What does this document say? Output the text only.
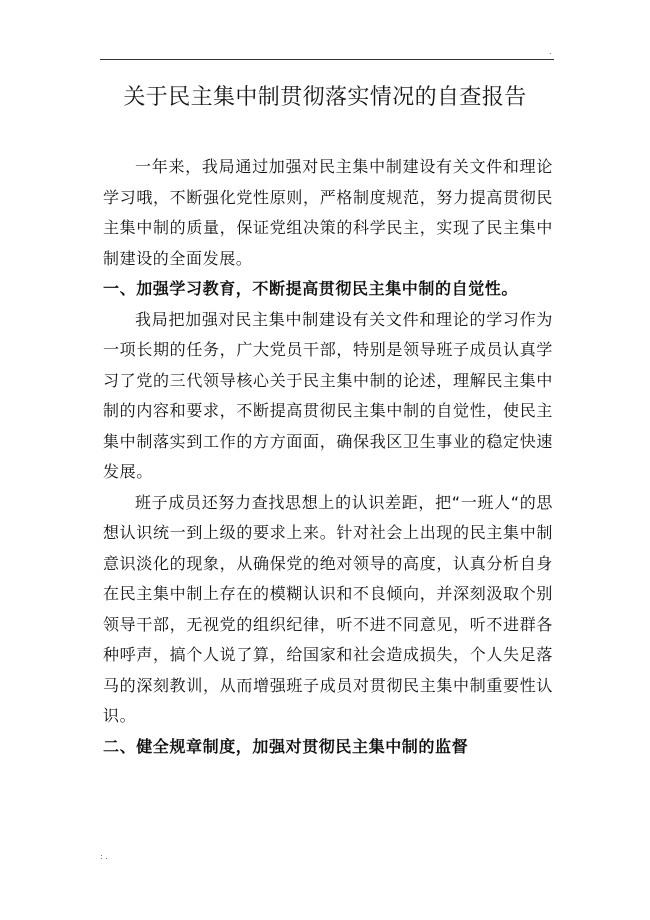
.
关于民主集中制贯彻落实情况的自查报告

一年来，我局通过加强对民主集中制建设有关文件和理论学习哦，不断强化党性原则，严格制度规范，努力提高贯彻民主集中制的质量，保证党组决策的科学民主，实现了民主集中制建设的全面发展。

一、加强学习教育，不断提高贯彻民主集中制的自觉性。

我局把加强对民主集中制建设有关文件和理论的学习作为一项长期的任务，广大党员干部，特别是领导班子成员认真学习了党的三代领导核心关于民主集中制的论述，理解民主集中制的内容和要求，不断提高贯彻民主集中制的自觉性，使民主集中制落实到工作的方方面面，确保我区卫生事业的稳定快速发展。

班子成员还努力查找思想上的认识差距，把“一班人“的思想认识统一到上级的要求上来。针对社会上出现的民主集中制意识淡化的现象，从确保党的绝对领导的高度，认真分析自身在民主集中制上存在的模糊认识和不良倾向，并深刻汲取个别领导干部，无视党的组织纪律，听不进不同意见，听不进群各种呼声，搞个人说了算，给国家和社会造成损失，个人失足落马的深刻教训，从而增强班子成员对贯彻民主集中制重要性认识。

二、健全规章制度，加强对贯彻民主集中制的监督

: .
